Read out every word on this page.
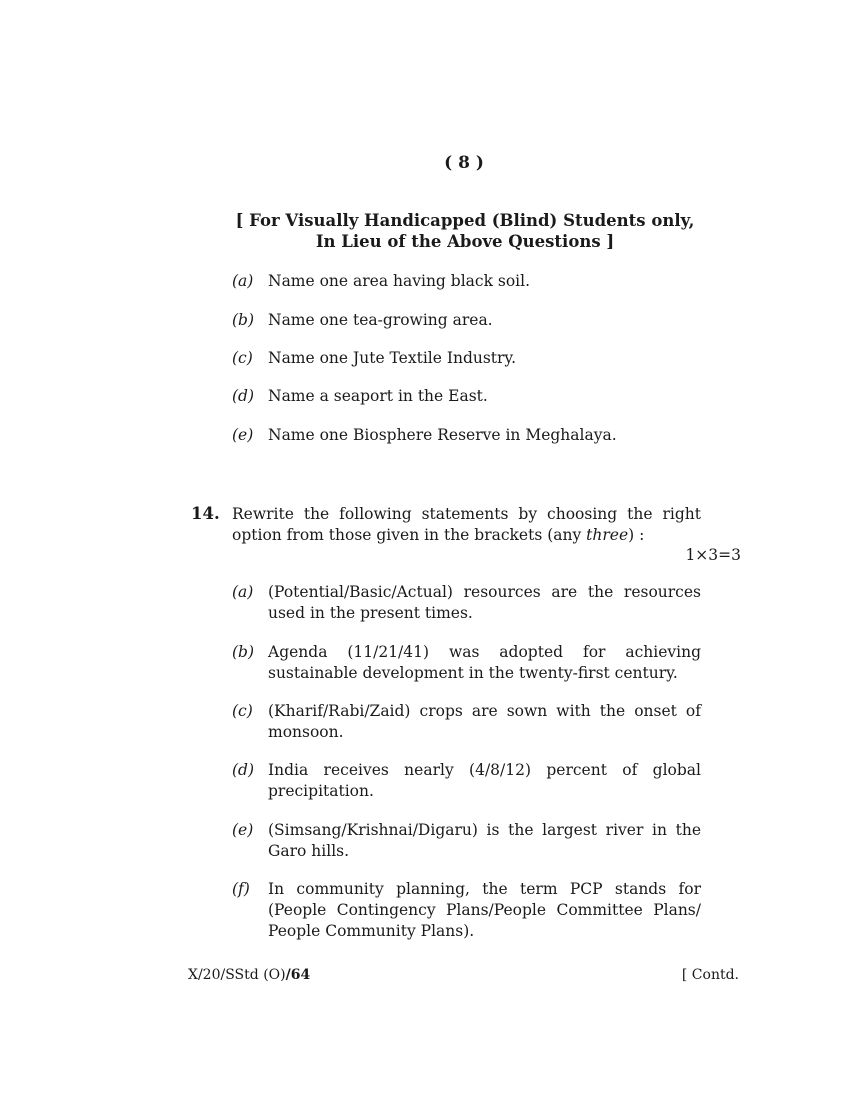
( 8 )
[ For Visually Handicapped (Blind) Students only,
In Lieu of the Above Questions ]
(a) Name one area having black soil.
(b) Name one tea-growing area.
(c) Name one Jute Textile Industry.
(d) Name a seaport in the East.
(e) Name one Biosphere Reserve in Meghalaya.
14. Rewrite the following statements by choosing the right
option from those given in the brackets (any three) :
1×3=3
(a) (Potential/Basic/Actual) resources are the resources
used in the present times.
(b) Agenda (11/21/41) was adopted for achieving
sustainable development in the twenty-first century.
(c) (Kharif/Rabi/Zaid) crops are sown with the onset of
monsoon.
(d) India receives nearly (4/8/12) percent of global
precipitation.
(e) (Simsang/Krishnai/Digaru) is the largest river in the
Garo hills.
(f) In community planning, the term PCP stands for
(People Contingency Plans/People Committee Plans/
People Community Plans).
X/20/SStd (O)/64	[ Contd.
